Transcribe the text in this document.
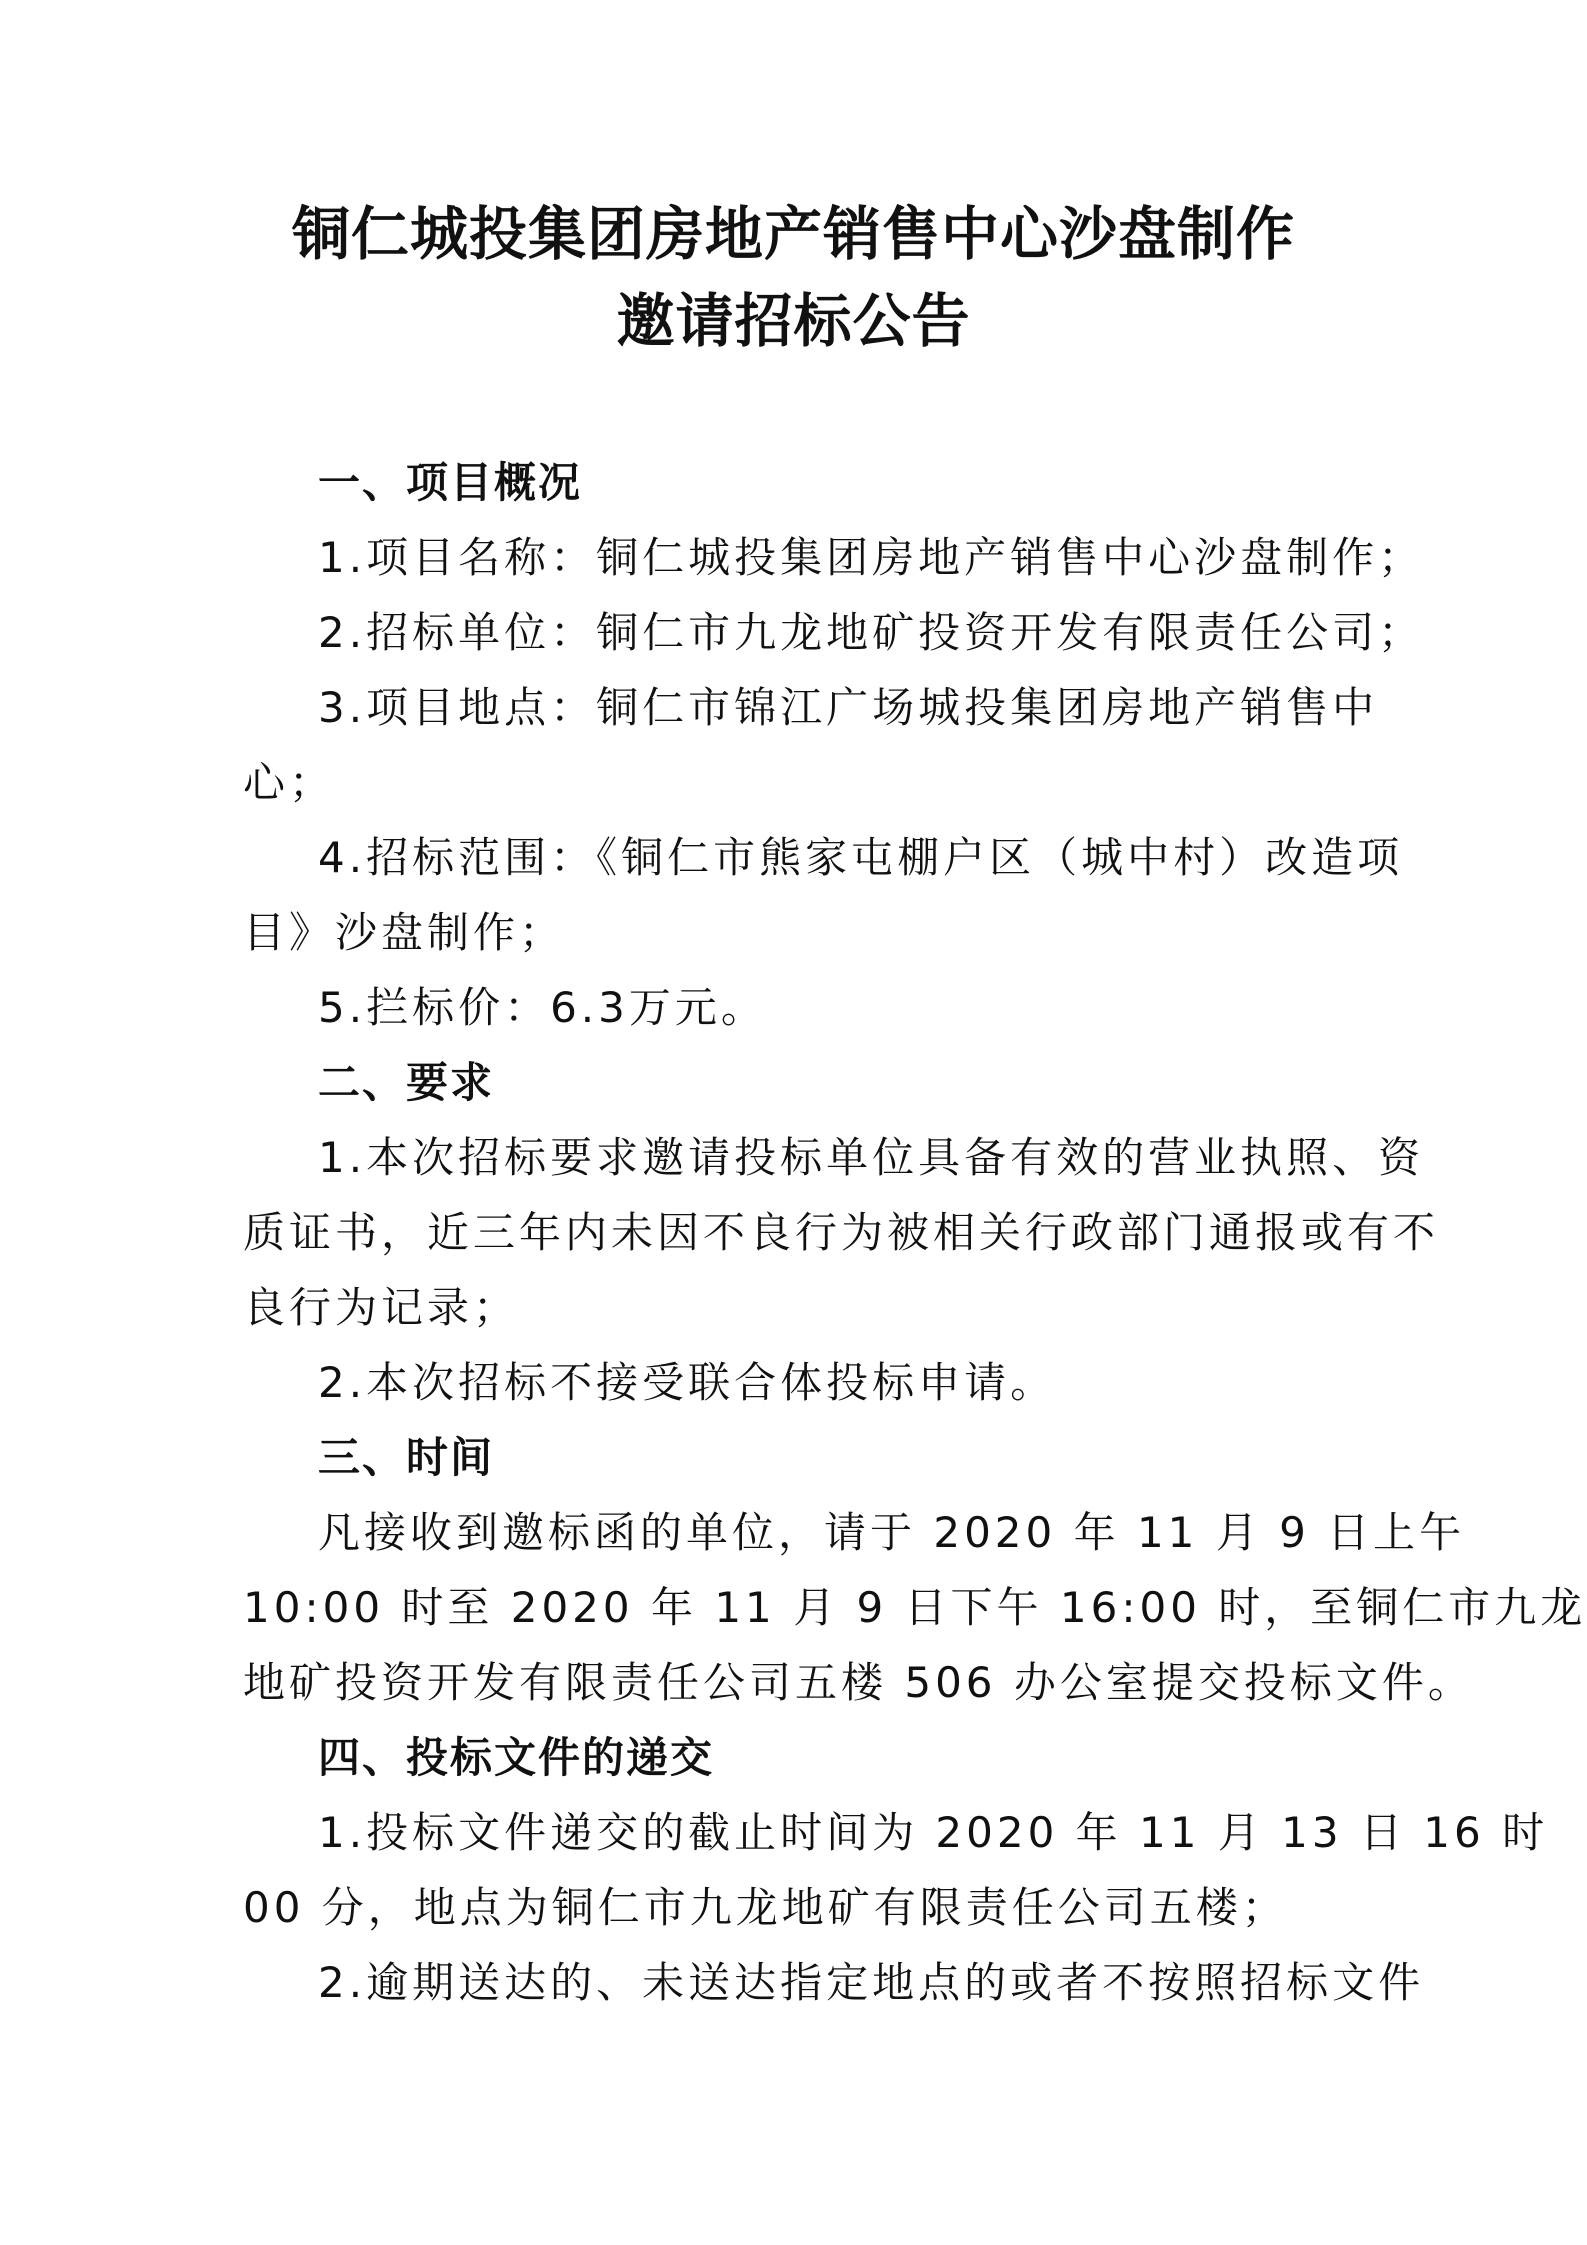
铜仁城投集团房地产销售中心沙盘制作
邀请招标公告
一、项目概况
1.项目名称：铜仁城投集团房地产销售中心沙盘制作；
2.招标单位：铜仁市九龙地矿投资开发有限责任公司；
3.项目地点：铜仁市锦江广场城投集团房地产销售中
心；
4.招标范围：《铜仁市熊家屯棚户区（城中村）改造项
目》沙盘制作；
5.拦标价：6.3万元。
二、要求
1.本次招标要求邀请投标单位具备有效的营业执照、资
质证书，近三年内未因不良行为被相关行政部门通报或有不
良行为记录；
2.本次招标不接受联合体投标申请。
三、时间
凡接收到邀标函的单位，请于 2020 年 11 月 9 日上午
10:00 时至 2020 年 11 月 9 日下午 16:00 时，至铜仁市九龙
地矿投资开发有限责任公司五楼 506 办公室提交投标文件。
四、投标文件的递交
1.投标文件递交的截止时间为 2020 年 11 月 13 日 16 时
00 分，地点为铜仁市九龙地矿有限责任公司五楼；
2.逾期送达的、未送达指定地点的或者不按照招标文件
